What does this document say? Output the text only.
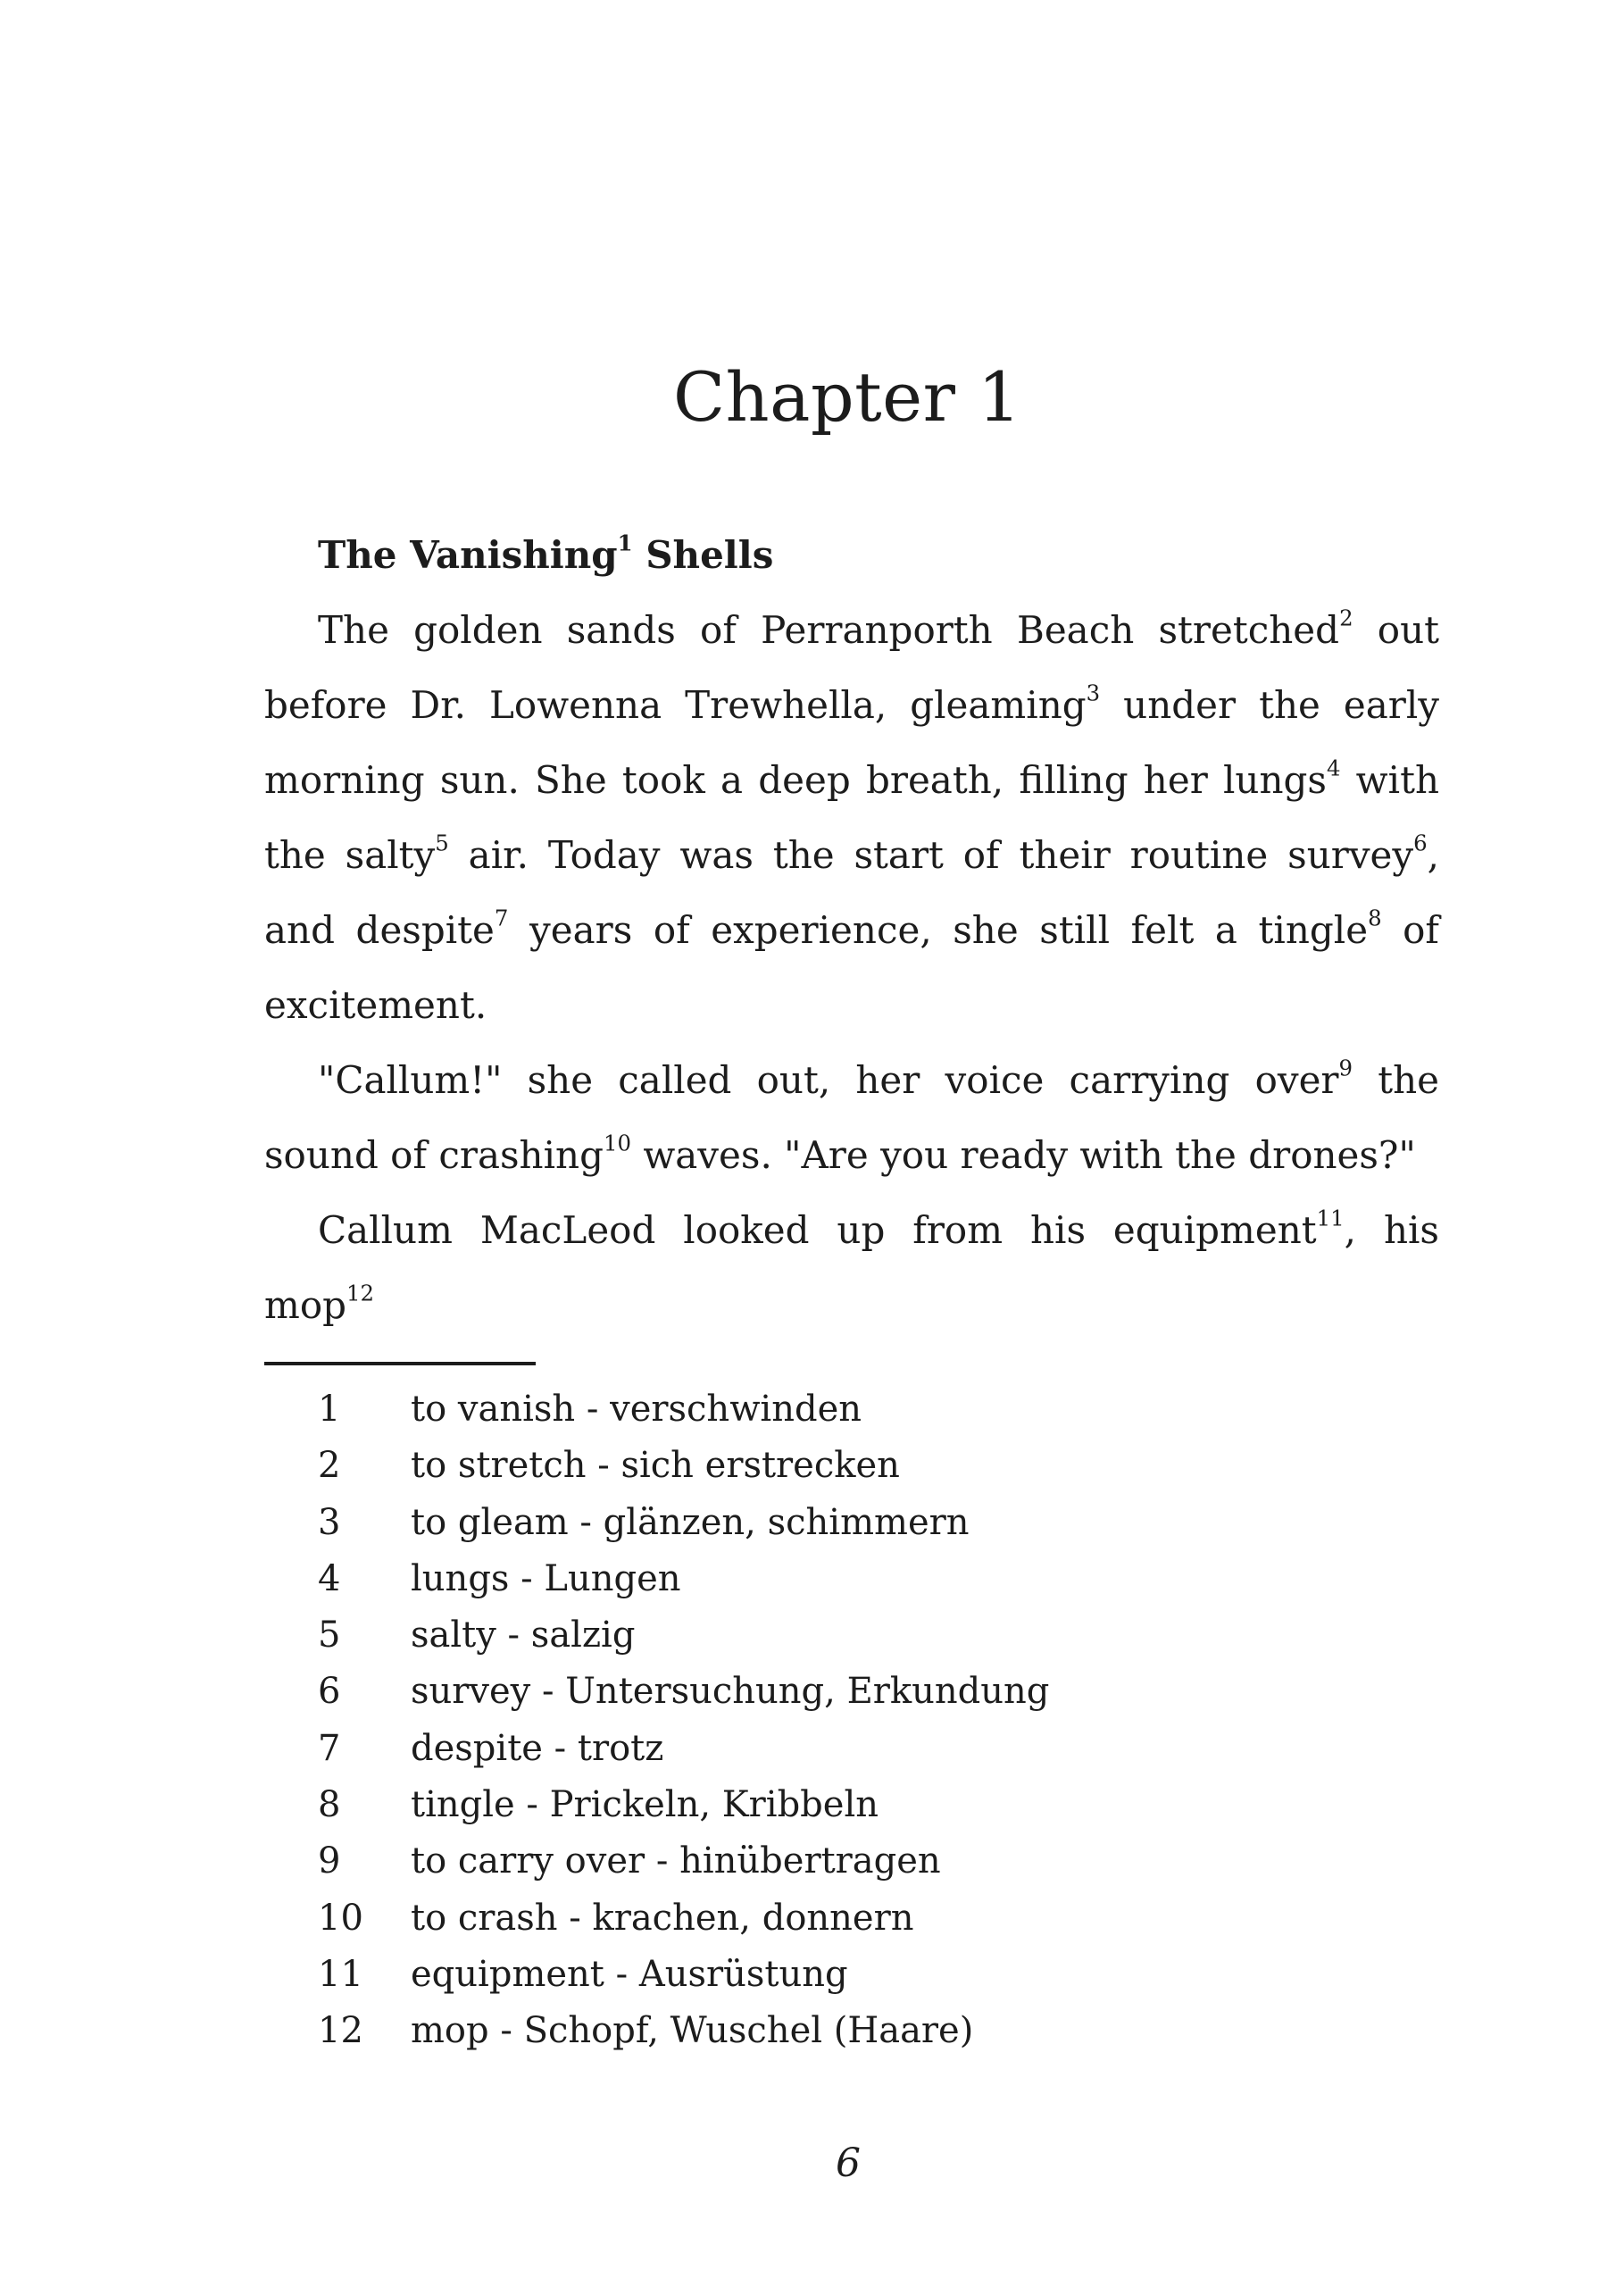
Chapter 1

The Vanishing$^1$ Shells

The golden sands of Perranporth Beach stretched$^2$ out before Dr. Lowenna Trewhella, gleaming$^3$ under the early morning sun. She took a deep breath, filling her lungs$^4$ with the salty$^5$ air. Today was the start of their routine survey$^6$, and despite$^7$ years of experience, she still felt a tingle$^8$ of excitement.

"Callum!" she called out, her voice carrying over$^9$ the sound of crashing$^{10}$ waves. "Are you ready with the drones?"

Callum MacLeod looked up from his equipment$^{11}$, his mop$^{12}$

1	to vanish - verschwinden
2	to stretch - sich erstrecken
3	to gleam - glänzen, schimmern
4	lungs - Lungen
5	salty - salzig
6	survey - Untersuchung, Erkundung
7	despite - trotz
8	tingle - Prickeln, Kribbeln
9	to carry over - hinübertragen
10	to crash - krachen, donnern
11	equipment - Ausrüstung
12	mop - Schopf, Wuschel (Haare)
6
